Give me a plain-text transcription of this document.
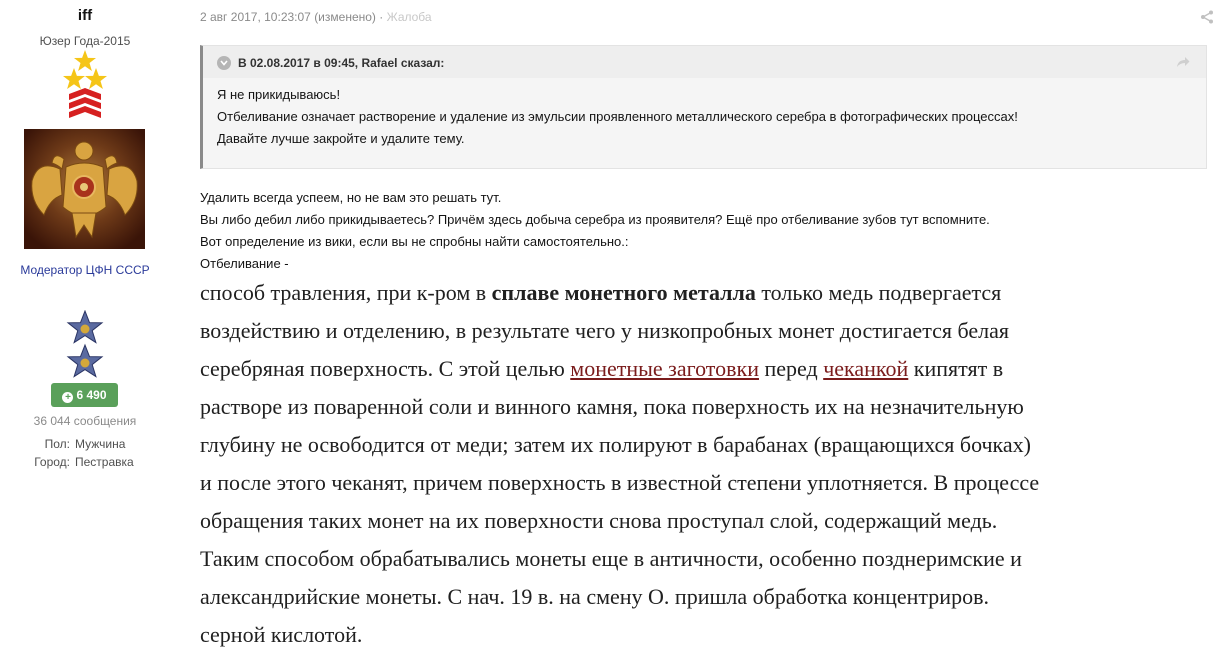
iff
Юзер Года-2015
Модератор ЦФН СССР
+ 6 490
36 044 сообщения
Пол:
Город:
Мужчина
Пестравка
2 авг 2017, 10:23:07 (изменено) · Жалоба
В 02.08.2017 в 09:45, Rafael сказал:
Я не прикидываюсь!
Отбеливание означает растворение и удаление из эмульсии проявленного металлического серебра в фотографических процессах!
Давайте лучше закройте и удалите тему.
Удалить всегда успеем, но не вам это решать тут.
Вы либо дебил либо прикидываетесь? Причём здесь добыча серебра из проявителя? Ещё про отбеливание зубов тут вспомните.
Вот определение из вики, если вы не спробны найти самостоятельно.:
Отбеливание -
способ травления, при к-ром в сплаве монетного металла только медь подвергается
воздействию и отделению, в результате чего у низкопробных монет достигается белая
серебряная поверхность. С этой целью монетные заготовки перед чеканкой кипятят в
растворе из поваренной соли и винного камня, пока поверхность их на незначительную
глубину не освободится от меди; затем их полируют в барабанах (вращающихся бочках)
и после этого чеканят, причем поверхность в известной степени уплотняется. В процессе
обращения таких монет на их поверхности снова проступал слой, содержащий медь.
Таким способом обрабатывались монеты еще в античности, особенно позднеримские и
александрийские монеты. С нач. 19 в. на смену О. пришла обработка концентриров.
серной кислотой.
